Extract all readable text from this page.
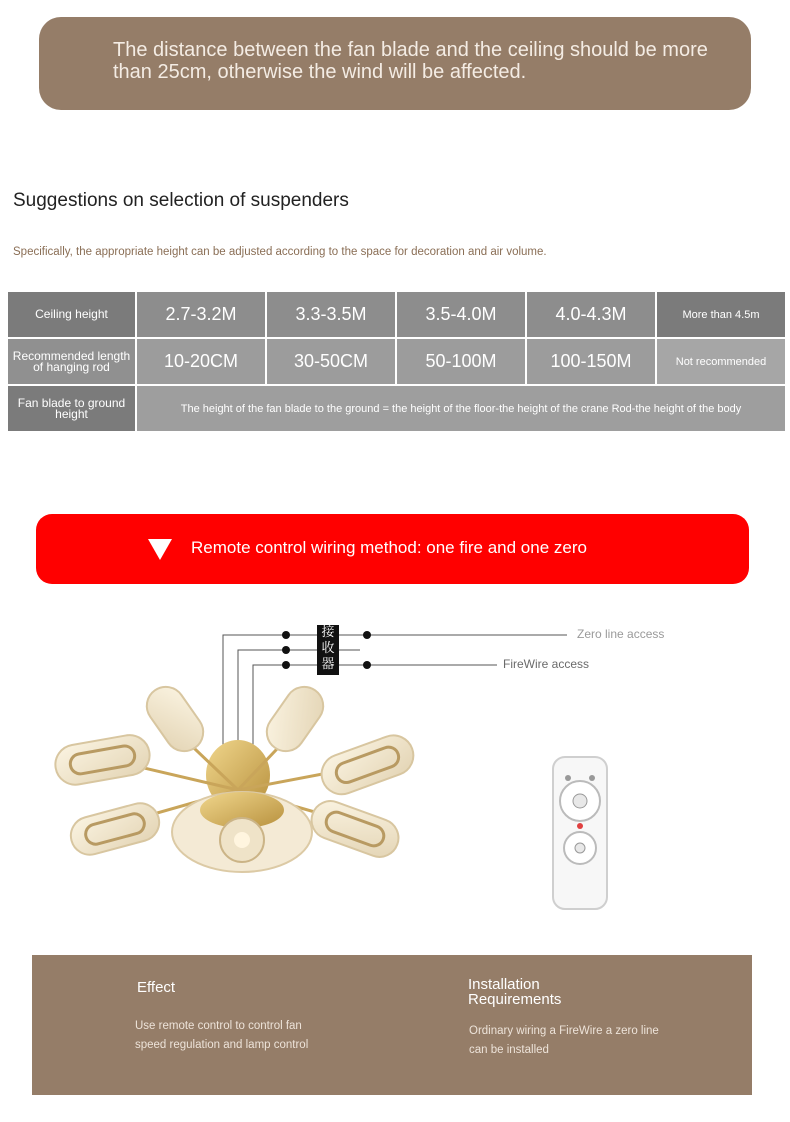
The distance between the fan blade and the ceiling should be more than 25cm, otherwise the wind will be affected.
Suggestions on selection of suspenders
Specifically, the appropriate height can be adjusted according to the space for decoration and air volume.
Ceiling height	2.7-3.2M	3.3-3.5M	3.5-4.0M	4.0-4.3M	More than 4.5m
Recommended length of hanging rod	10-20CM	30-50CM	50-100M	100-150M	Not recommended
Fan blade to ground height	The height of the fan blade to the ground = the height of the floor-the height of the crane Rod-the height of the body				
Remote control wiring method: one fire and one zero
接收器
Zero line access
FireWire access
Effect
Use remote control to control fan speed regulation and lamp control
Installation Requirements
Ordinary wiring a FireWire a zero line can be installed
